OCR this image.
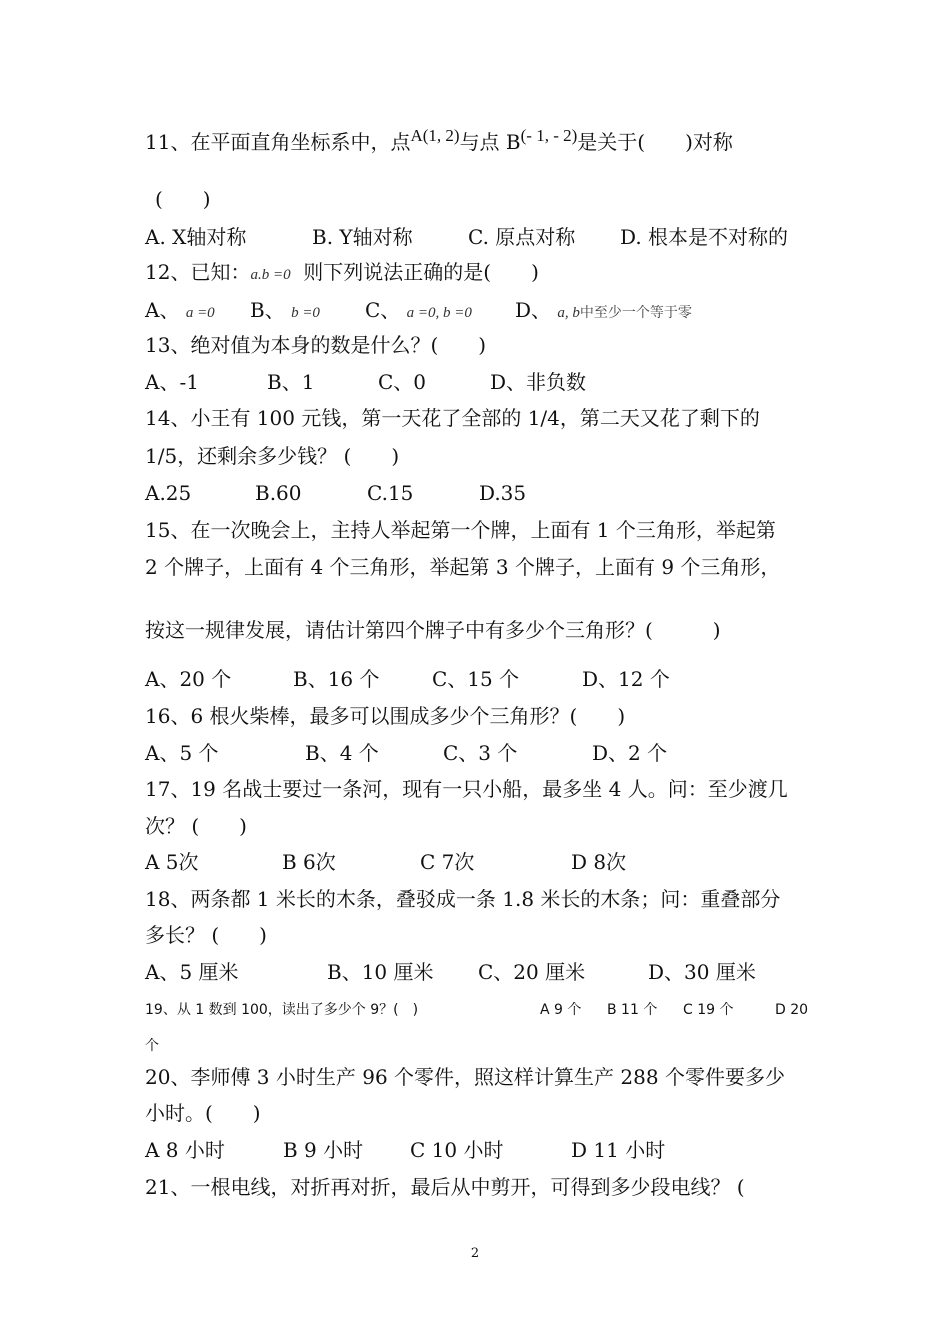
11、在平面直角坐标系中，点$^{A(1, 2)}$与点 $B^{(- 1, - 2)}$是关于(　　)对称
(　　)
A. X轴对称	B. Y轴对称	C. 原点对称 D. 根本是不对称的
12、已知：a.b =0 则下列说法正确的是(　　)
A、 a =0 B、 b =0 C、 a =0, b =0 D、 a, b中至少一个等于零
13、绝对值为本身的数是什么？(　　)
A、-1	B、1	C、0	D、非负数
14、小王有 100 元钱，第一天花了全部的 1/4，第二天又花了剩下的
1/5，还剩余多少钱？ (　　)
A.25	B.60	C.15	D.35
15、在一次晚会上，主持人举起第一个牌，上面有 1 个三角形，举起第
2 个牌子，上面有 4 个三角形，举起第 3 个牌子，上面有 9 个三角形，
按这一规律发展，请估计第四个牌子中有多少个三角形？(　　　)
A、20 个	B、16 个	C、15 个	D、12 个
16、6 根火柴棒，最多可以围成多少个三角形？(　　)
A、5 个	B、4 个	C、3 个	D、2 个
17、19 名战士要过一条河，现有一只小船，最多坐 4 人。问：至少渡几
次？ (　　)
A 5次	B 6次	C 7次	D 8次
18、两条都 1 米长的木条，叠驳成一条 1.8 米长的木条；问：重叠部分
多长？ (　　)
A、5 厘米	B、10 厘米 C、20 厘米	D、30 厘米
19、从 1 数到 100，读出了多少个 9？(　)	A 9 个 B 11 个 C 19 个	D 20
个
20、李师傅 3 小时生产 96 个零件，照这样计算生产 288 个零件要多少
小时。(　　)
A 8 小时	B 9 小时 C 10 小时	D 11 小时
21、一根电线，对折再对折，最后从中剪开，可得到多少段电线？ (
2
